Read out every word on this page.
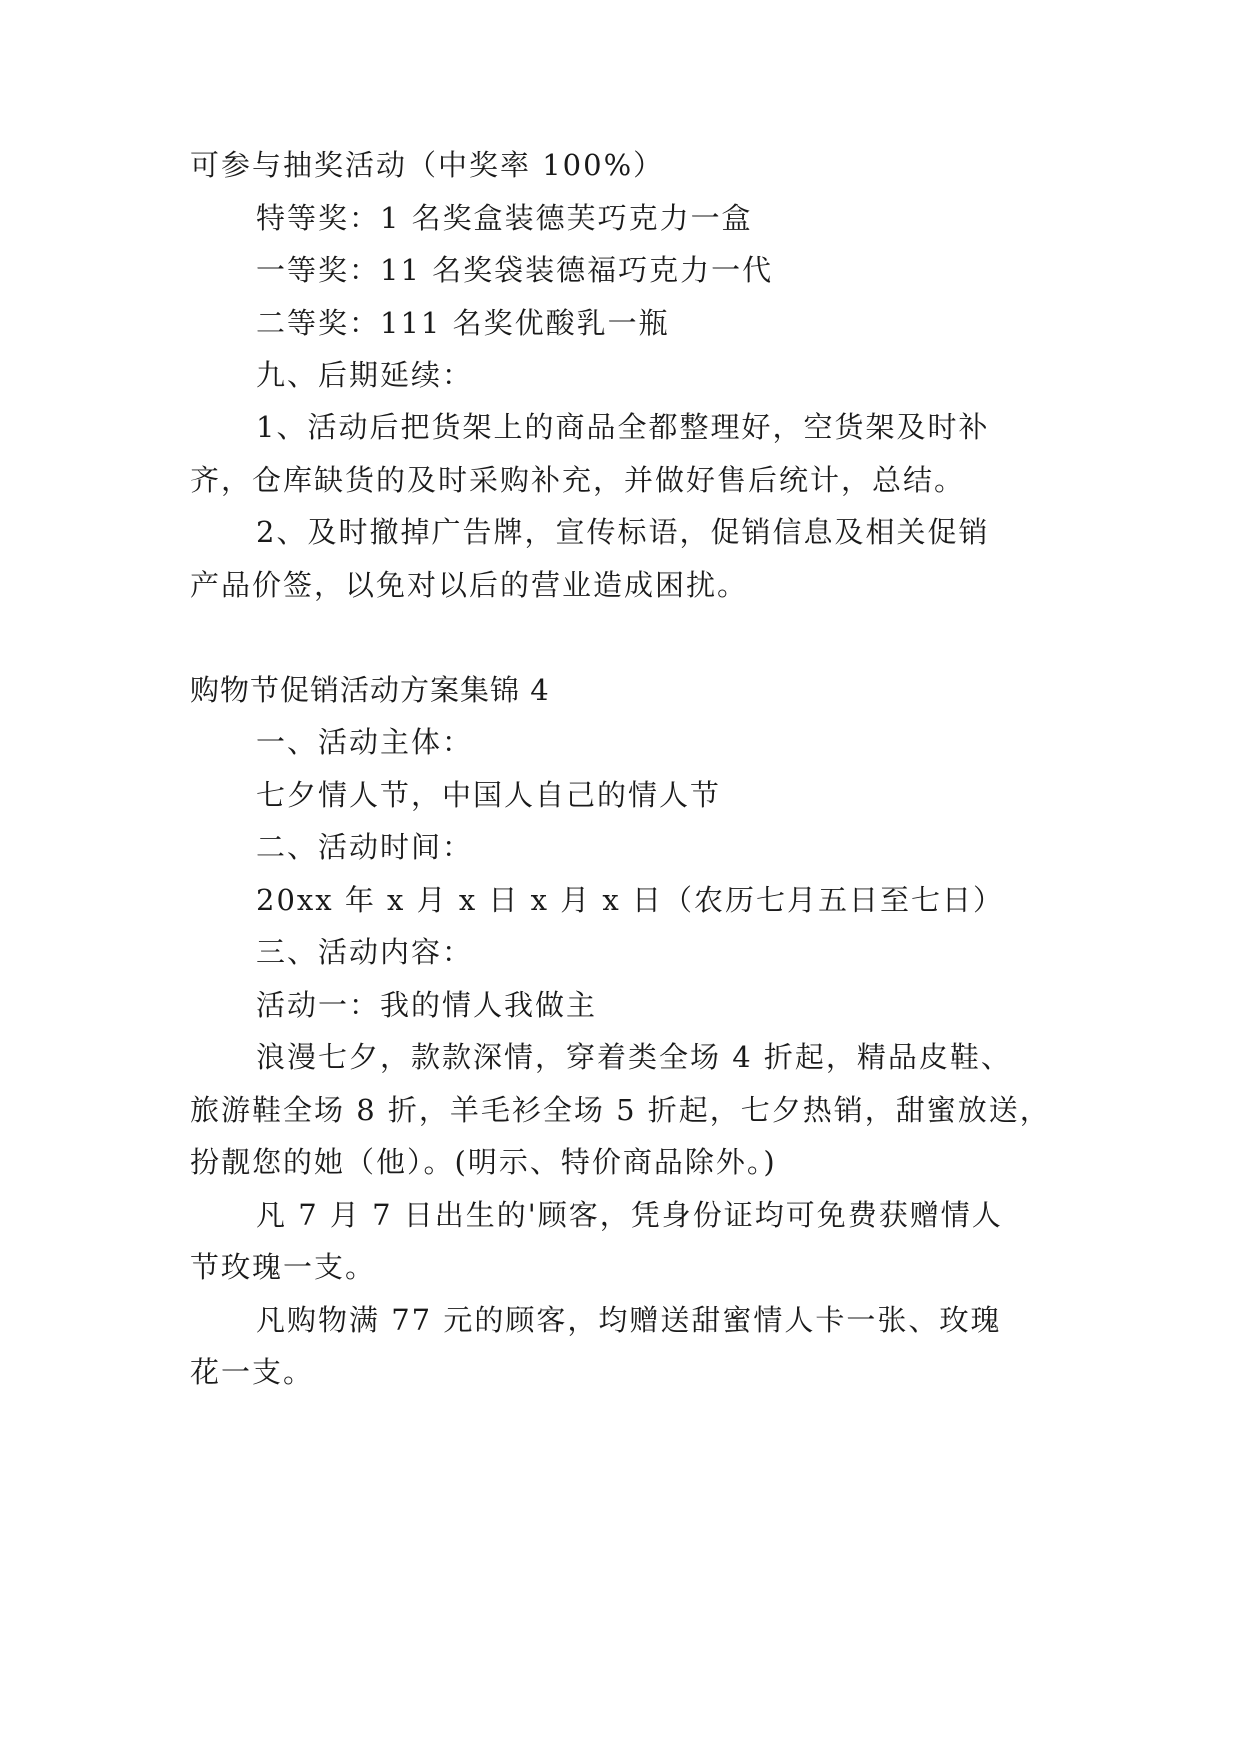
可参与抽奖活动（中奖率 100%）
特等奖：1 名奖盒装德芙巧克力一盒
一等奖：11 名奖袋装德福巧克力一代
二等奖：111 名奖优酸乳一瓶
九、后期延续：
1、活动后把货架上的商品全都整理好，空货架及时补
齐，仓库缺货的及时采购补充，并做好售后统计，总结。
2、及时撤掉广告牌，宣传标语，促销信息及相关促销
产品价签，以免对以后的营业造成困扰。
购物节促销活动方案集锦 4
一、活动主体：
七夕情人节，中国人自己的情人节
二、活动时间：
20xx 年 x 月 x 日 x 月 x 日（农历七月五日至七日）
三、活动内容：
活动一：我的情人我做主
浪漫七夕，款款深情，穿着类全场 4 折起，精品皮鞋、
旅游鞋全场 8 折，羊毛衫全场 5 折起，七夕热销，甜蜜放送，
扮靓您的她（他）。(明示、特价商品除外。)
凡 7 月 7 日出生的'顾客，凭身份证均可免费获赠情人
节玫瑰一支。
凡购物满 77 元的顾客，均赠送甜蜜情人卡一张、玫瑰
花一支。
